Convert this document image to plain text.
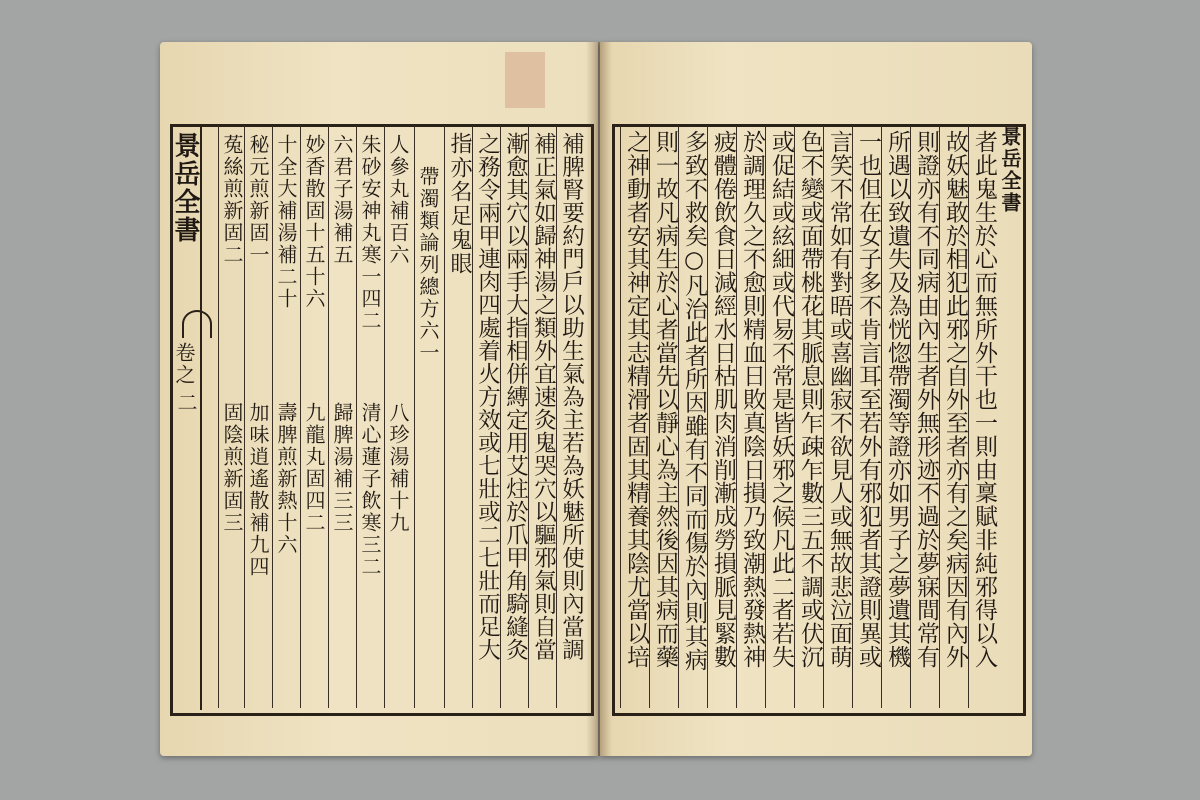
景岳全書
卷之
二	補脾腎要約門戶以助生氣為主若為妖魅所使則內當調
補正氣如歸神湯之類外宜速灸鬼哭穴以驅邪氣則自當
漸愈其穴以兩手大指相併縛定用艾炷於爪甲角騎縫灸
之務令兩甲連肉四處着火方效或七壯或二七壯而足大
指亦名足鬼眼
帶濁類論列總方六一
人參丸補百六
朱砂安神丸寒一四二
六君子湯補五
妙香散固十五十六
十全大補湯補二十
秘元煎新固一
菟絲煎新固二
八珍湯補十九
清心蓮子飲寒三二
歸脾湯補三三
九龍丸固四二
壽脾煎新熱十六
加味逍遙散補九四
固陰煎新固三
景岳全書
者此鬼生於心而無所外干也一則由稟賦非純邪得以入
故妖魅敢於相犯此邪之自外至者亦有之矣病因有內外
則證亦有不同病由內生者外無形迹不過於夢寐間常有
所遇以致遺失及為恍惚帶濁等證亦如男子之夢遺其機
一也但在女子多不肯言耳至若外有邪犯者其證則異或
言笑不常如有對晤或喜幽寂不欲見人或無故悲泣面萌
色不變或面帶桃花其脈息則乍疎乍數三五不調或伏沉
或促結或絃細或代易不常是皆妖邪之候凡此二者若失
於調理久之不愈則精血日敗真陰日損乃致潮熱發熱神
疲體倦飲食日減經水日枯肌肉消削漸成勞損脈見緊數
多致不救矣○凡治此者所因雖有不同而傷於內則其病
則一故凡病生於心者當先以靜心為主然後因其病而藥
之神動者安其神定其志精滑者固其精養其陰尤當以培
